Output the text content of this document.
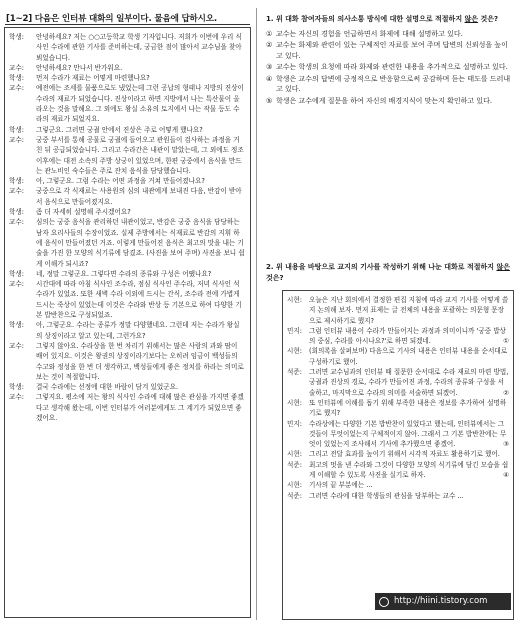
[1~2] 다음은 인터뷰 대화의 일부이다. 물음에 답하시오.
학생:	안녕하세요? 저는 ○○고등학교 학생 기자입니다. 저희가 이번에 우리 식사인 수라에 관한 기사를 준비하는데, 궁금한 점이 많아서 교수님을 찾아뵈었습니다.
교수:	안녕하세요? 만나서 반가워요.
학생:	먼저 수라가 재료는 어떻게 마련했나요?
교수:	예전에는 조세를 물품으로도 냈었는데 그런 공납의 형태나 지방의 진상이 수라의 재료가 되었습니다. 진상이라고 하면 지방에서 나는 특산물이 올라오는 것을 말해요. 그 외에도 왕실 소유의 토지에서 나는 작물 등도 수라의 재료가 되었지요.
학생:	그렇군요. 그러면 궁궐 안에서 진상은 주로 어떻게 했나요?
교수:	궁중 부서를 통해 공물로 궁궐에 들어오고 관원들이 검사하는 과정을 거친 뒤 공급되었습니다. 그리고 수라간은 내관이 맡았는데, 그 외에도 정조 이후에는 대전 소속의 주방 상궁이 있었으며, 한편 궁중에서 음식을 만드는 관노비인 숙수들은 주로 잔치 음식을 담당했습니다.
학생:	아, 그렇군요. 그럼 수라는 어떤 과정을 거쳐 만들어졌나요?
교수:	궁중으로 각 식재료는 사용원의 심의 내관에게 보내진 다음, 반감이 받아서 음식으로 만들어졌지요.
학생:	좀 더 자세히 설명해 주시겠어요?
교수:	심의는 궁중 음식을 관리하던 내관이었고, 반감은 궁중 음식을 담당하는 남자 요리사들의 수장이었죠. 실제 주방에서는 식재료로 반감의 지휘 하에 음식이 만들어졌던 거죠. 이렇게 만들어진 음식은 최고의 맛을 내는 기술을 가진 한 모양의 식기류에 담겼죠. (사진을 보여 주며) 사진을 보니 쉽게 이해가 되시죠?
학생:	네, 정말 그렇군요. 그렇다면 수라의 종류와 구성은 어땠나요?
교수:	시간대에 따라 아침 식사인 조수라, 점심 식사인 주수라, 저녁 식사인 석수라가 있었죠. 또한 새벽 수라 이외에 드시는 간식, 조수라 전에 가볍게 드시는 죽상이 있었는데 이것은 수라와 반상 등 기본으로 하여 다양한 기본 밥반찬으로 구성되었죠.
학생:	아, 그렇군요. 수라는 종류가 정말 다양했네요. 그런데 저는 수라가 왕실의 상징이라고 알고 있는데, 그런가요?
교수:	그렇지 않아요. 수라상을 한 번 차리기 위해서는 많은 사람의 과와 땀이 배어 있지요. 이것은 왕권의 상징이라기보다는 오히려 임금이 백성들의 수고와 정성을 한 번 더 생각하고, 백성들에게 좋은 정치를 하라는 의미로 보는 것이 적절합니다.
학생:	결국 수라에는 선정에 대한 바람이 담겨 있었군요.
교수:	그렇지요. 평소에 저는 왕의 식사인 수라에 대해 많은 관심을 가지면 좋겠다고 생각해 왔는데, 이번 인터뷰가 여러분에게도 그 계기가 되었으면 좋겠어요.
1. 위 대화 참여자들의 의사소통 방식에 대한 설명으로 적절하지 않은 것은?
① 교수는 자신의 경험을 언급하면서 화제에 대해 설명하고 있다.
② 교수는 화제와 관련이 있는 구체적인 자료를 보여 주며 답변의 신뢰성을 높이고 있다.
③ 교수는 학생의 요청에 따라 화제와 관련한 내용을 추가적으로 설명하고 있다.
④ 학생은 교수의 답변에 긍정적으로 반응함으로써 공감하며 듣는 태도를 드러내고 있다.
⑤ 학생은 교수에게 질문을 하여 자신의 배경지식이 맞는지 확인하고 있다.
2. 위 내용을 바탕으로 교지의 기사를 작성하기 위해 나눈 대화로 적절하지 않은 것은?
시현:	오늘은 지난 회의에서 결정한 편집 지침에 따라 교지 기사를 어떻게 쓸지 논의해 보자. 먼저 표제는 글 전체의 내용을 포괄하는 의문형 문장으로 제시하기로 했지?
민지:	그럼 인터뷰 내용이 수라가 만들어지는 과정과 의미이니까 '궁중 밥상의 중심, 수라를 아시나요?'로 하면 되겠네.	①
시현:	(회의록을 살펴보며) 다음으로 기사의 내용은 인터뷰 내용을 순서대로 구성하기로 했어.
석준:	그러면 교수님과의 인터뷰 때 질문한 순서대로 수라 재료의 마련 방법, 궁궐과 진상의 경로, 수라가 만들어진 과정, 수라의 종류와 구성을 서술하고, 마지막으로 수라의 의미를 서술하면 되겠어.	②
시현:	또 인터뷰에 이해를 돕기 위해 부족한 내용은 정보를 추가하여 설명하기로 했지?
민지:	수라상에는 다양한 기본 밥반찬이 있었다고 했는데, 인터뷰에서는 그것들이 무엇이었는지 구체적이지 않아. 그래서 그 기본 밥반찬에는 무엇이 있었는지 조사해서 기사에 추가했으면 좋겠어.	③
시현:	그리고 전달 효과를 높이기 위해서 시각적 자료도 활용하기로 했어.
석준:	최고의 멋을 낸 수라와 그것이 다양한 모양의 식기류에 담긴 모습을 쉽게 이해할 수 있도록 사진을 실기로 하자.	④
시현:	기사의 끝 부분에는 ...
석준:	그러면 수라에 대한 학생들의 관심을 당부하는 교수 ...
http://hiini.tistory.com
